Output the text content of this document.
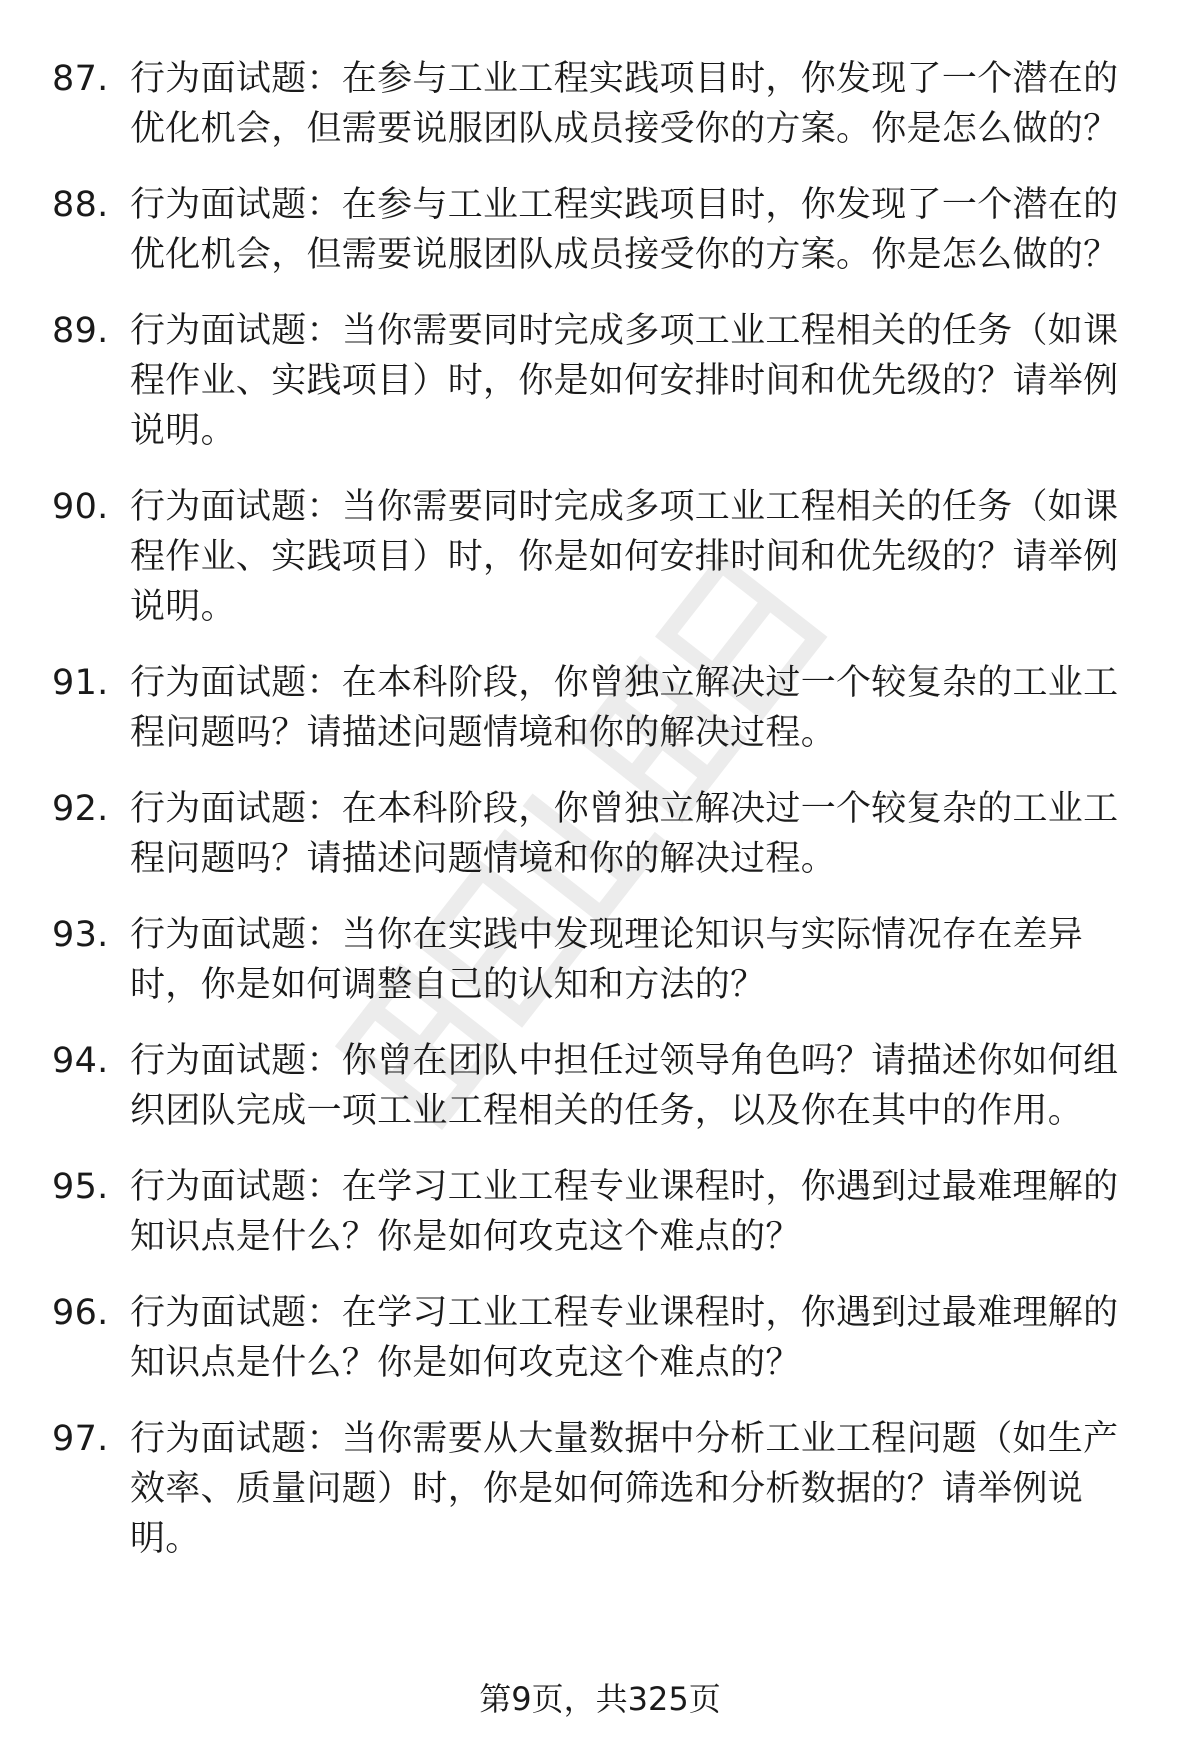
87. 行为面试题：在参与工业工程实践项目时，你发现了一个潜在的优化机会，但需要说服团队成员接受你的方案。你是怎么做的？
88. 行为面试题：在参与工业工程实践项目时，你发现了一个潜在的优化机会，但需要说服团队成员接受你的方案。你是怎么做的？
89. 行为面试题：当你需要同时完成多项工业工程相关的任务（如课程作业、实践项目）时，你是如何安排时间和优先级的？请举例说明。
90. 行为面试题：当你需要同时完成多项工业工程相关的任务（如课程作业、实践项目）时，你是如何安排时间和优先级的？请举例说明。
91. 行为面试题：在本科阶段，你曾独立解决过一个较复杂的工业工程问题吗？请描述问题情境和你的解决过程。
92. 行为面试题：在本科阶段，你曾独立解决过一个较复杂的工业工程问题吗？请描述问题情境和你的解决过程。
93. 行为面试题：当你在实践中发现理论知识与实际情况存在差异时，你是如何调整自己的认知和方法的？
94. 行为面试题：你曾在团队中担任过领导角色吗？请描述你如何组织团队完成一项工业工程相关的任务，以及你在其中的作用。
95. 行为面试题：在学习工业工程专业课程时，你遇到过最难理解的知识点是什么？你是如何攻克这个难点的？
96. 行为面试题：在学习工业工程专业课程时，你遇到过最难理解的知识点是什么？你是如何攻克这个难点的？
97. 行为面试题：当你需要从大量数据中分析工业工程问题（如生产效率、质量问题）时，你是如何筛选和分析数据的？请举例说明。
第9页，共325页
